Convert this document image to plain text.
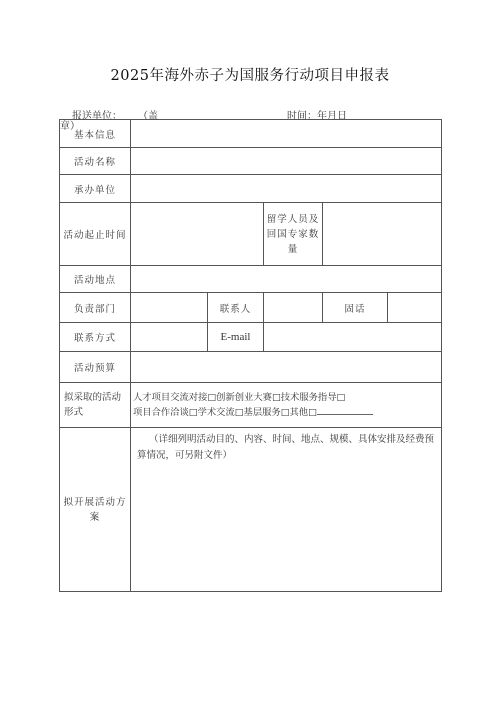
2025年海外赤子为国服务行动项目申报表
报送单位： （盖
章）
时间：年月日
基本信息					
活动名称					
承办单位					
活动起止时间			留学人员及回国专家数量		

活动地点					
负责部门		联系人		固话	
联系方式		E-mail			
活动预算					

拟采取的活动形式	人才项目交流对接□创新创业大赛□技术服务指导□
项目合作洽谈□学术交流□基层服务□其他□				

拟开展活动方案	（详细列明活动目的、内容、时间、地点、规模、具体安排及经费预算情况，可另附文件）				
